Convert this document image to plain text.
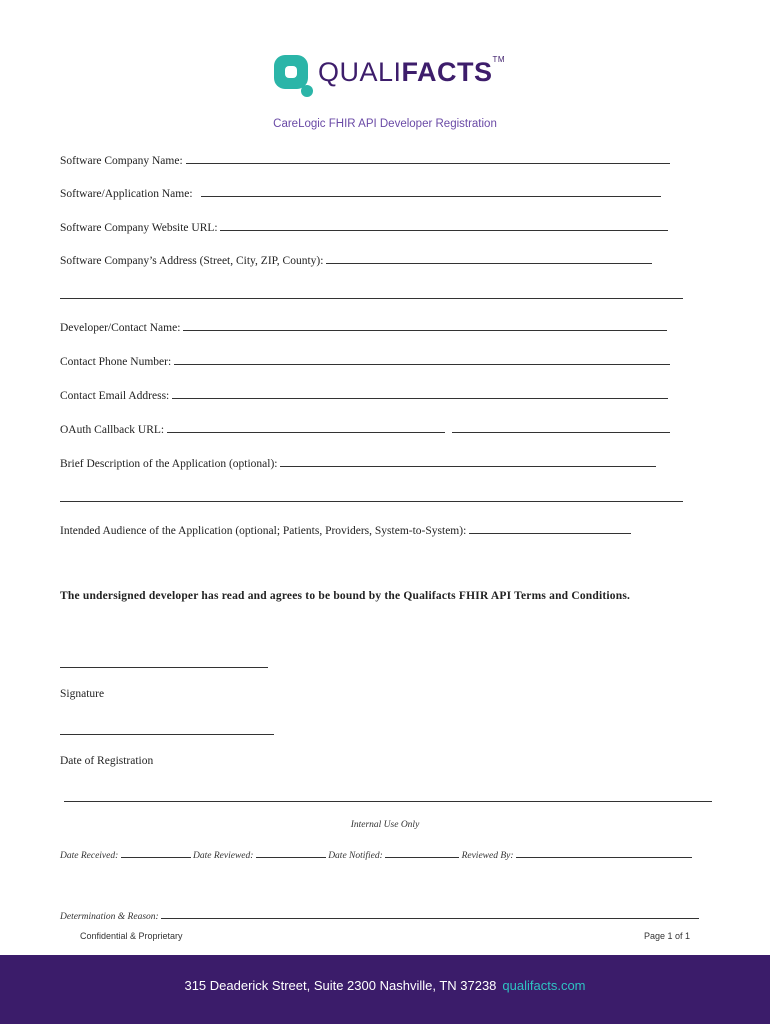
QUALIFACTS™
CareLogic FHIR API Developer Registration
Software Company Name:
Software/Application Name:
Software Company Website URL:
Software Company’s Address (Street, City, ZIP, County):
Developer/Contact Name:
Contact Phone Number:
Contact Email Address:
OAuth Callback URL:
Brief Description of the Application (optional):
Intended Audience of the Application (optional; Patients, Providers, System-to-System):
The undersigned developer has read and agrees to be bound by the Qualifacts FHIR API Terms and Conditions.
Signature
Date of Registration
Internal Use Only
Date Received:	Date Reviewed:	Date Notified:	Reviewed By:
Determination & Reason:
Confidential & Proprietary	Page 1 of 1
315 Deaderick Street, Suite 2300 Nashville, TN 37238 qualifacts.com
